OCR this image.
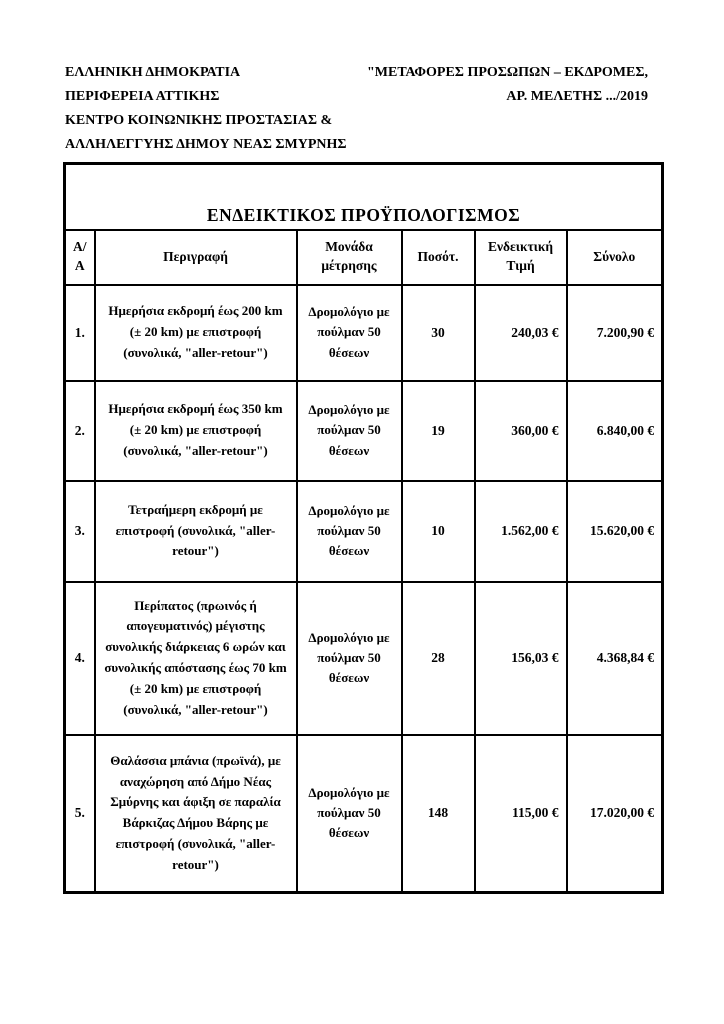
ΕΛΛΗΝΙΚΗ ΔΗΜΟΚΡΑΤΙΑ
ΠΕΡΙΦΕΡΕΙΑ ΑΤΤΙΚΗΣ
ΚΕΝΤΡΟ ΚΟΙΝΩΝΙΚΗΣ ΠΡΟΣΤΑΣΙΑΣ &
ΑΛΛΗΛΕΓΓΥΗΣ ΔΗΜΟΥ ΝΕΑΣ ΣΜΥΡΝΗΣ
"ΜΕΤΑΦΟΡΕΣ ΠΡΟΣΩΠΩΝ – ΕΚΔΡΟΜΕΣ,
ΑΡ. ΜΕΛΕΤΗΣ .../2019
ΕΝΔΕΙΚΤΙΚΟΣ ΠΡΟΫΠΟΛΟΓΙΣΜΟΣ					
Α/Α	Περιγραφή	Μονάδα μέτρησης	Ποσότ.	Ενδεικτική Τιμή	Σύνολο
1.	Ημερήσια εκδρομή έως 200 km (± 20 km) με επιστροφή (συνολικά, "aller-retour")	Δρομολόγιο με πούλμαν 50 θέσεων	30	240,03 €	7.200,90 €
2.	Ημερήσια εκδρομή έως 350 km (± 20 km) με επιστροφή (συνολικά, "aller-retour")	Δρομολόγιο με πούλμαν 50 θέσεων	19	360,00 €	6.840,00 €
3.	Τετραήμερη εκδρομή με επιστροφή (συνολικά, "aller-retour")	Δρομολόγιο με πούλμαν 50 θέσεων	10	1.562,00 €	15.620,00 €
4.	Περίπατος (πρωινός ή απογευματινός) μέγιστης συνολικής διάρκειας 6 ωρών και συνολικής απόστασης έως 70 km (± 20 km) με επιστροφή (συνολικά, "aller-retour")	Δρομολόγιο με πούλμαν 50 θέσεων	28	156,03 €	4.368,84 €
5.	Θαλάσσια μπάνια (πρωϊνά), με αναχώρηση από Δήμο Νέας Σμύρνης και άφιξη σε παραλία Βάρκιζας Δήμου Βάρης με επιστροφή (συνολικά, "aller-retour")	Δρομολόγιο με πούλμαν 50 θέσεων	148	115,00 €	17.020,00 €
